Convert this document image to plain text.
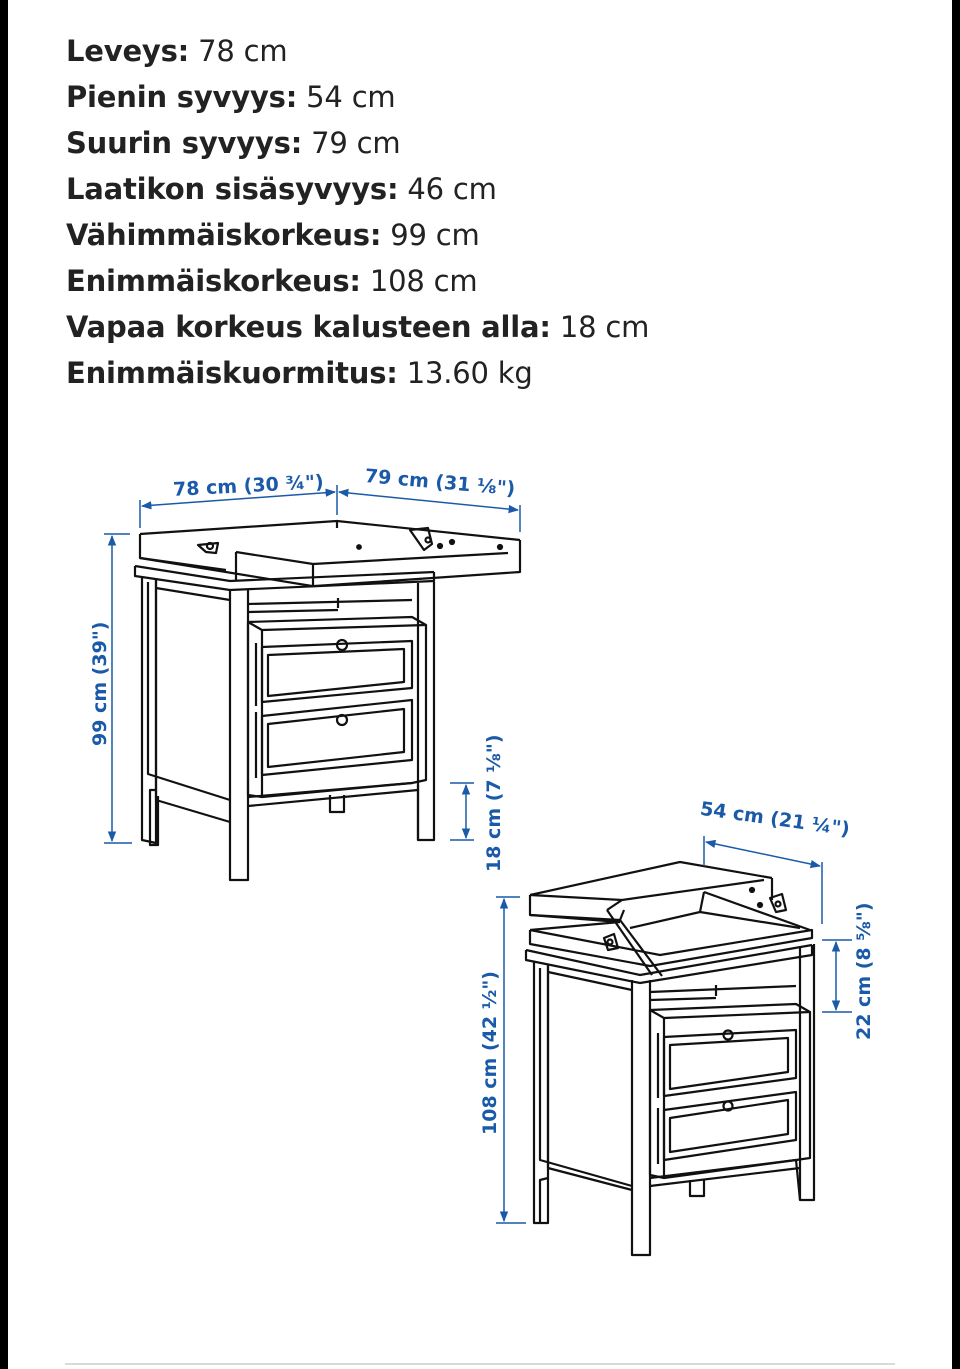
Leveys: 78 cm
Pienin syvyys: 54 cm
Suurin syvyys: 79 cm
Laatikon sisäsyvyys: 46 cm
Vähimmäiskorkeus: 99 cm
Enimmäiskorkeus: 108 cm
Vapaa korkeus kalusteen alla: 18 cm
Enimmäiskuormitus: 13.60 kg
78 cm (30 ¾") 79 cm (31 ⅛")
99 cm (39")
18 cm (7 ⅛")	54 cm (21 ¼")
108 cm (42 ½")	22 cm (8 ⅝")
